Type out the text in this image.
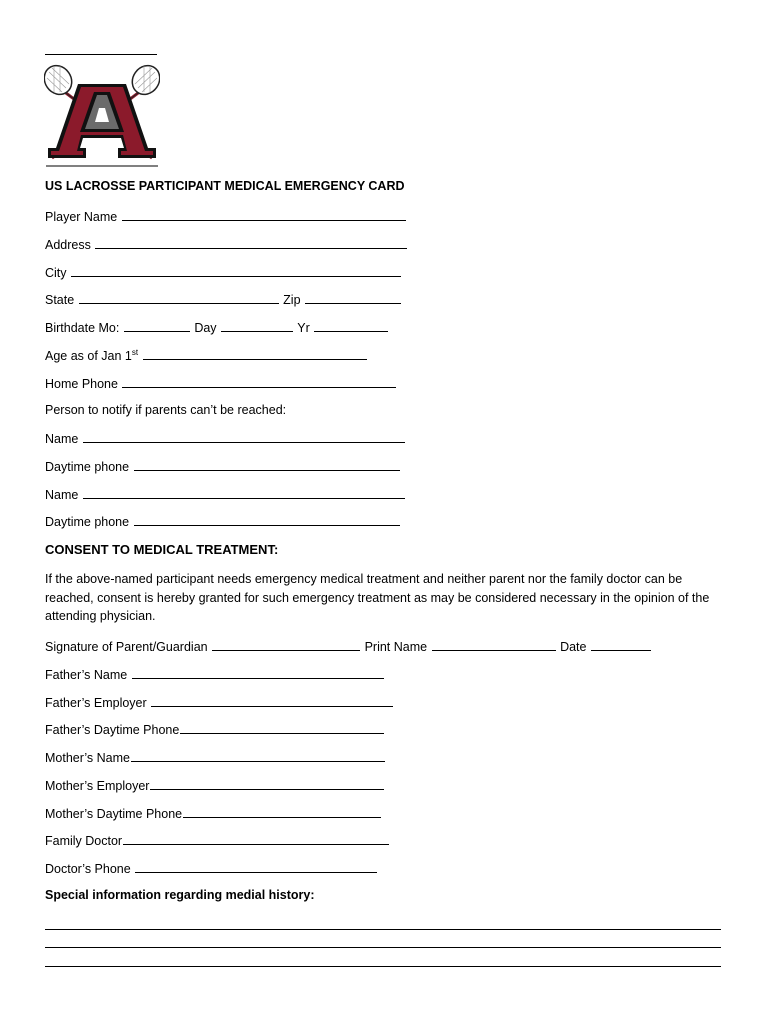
US LACROSSE PARTICIPANT MEDICAL EMERGENCY CARD
Player Name
Address
City
State	Zip
Birthdate Mo:	Day	Yr
Age as of Jan 1st
Home Phone
Person to notify if parents can’t be reached:
Name
Daytime phone
Name
Daytime phone
CONSENT TO MEDICAL TREATMENT:
If the above-named participant needs emergency medical treatment and neither parent nor the family doctor can be reached, consent is hereby granted for such emergency treatment as may be considered necessary in the opinion of the attending physician.
Signature of Parent/Guardian	Print Name	Date
Father’s Name
Father’s Employer
Father’s Daytime Phone
Mother’s Name
Mother’s Employer
Mother’s Daytime Phone
Family Doctor
Doctor’s Phone
Special information regarding medial history:
